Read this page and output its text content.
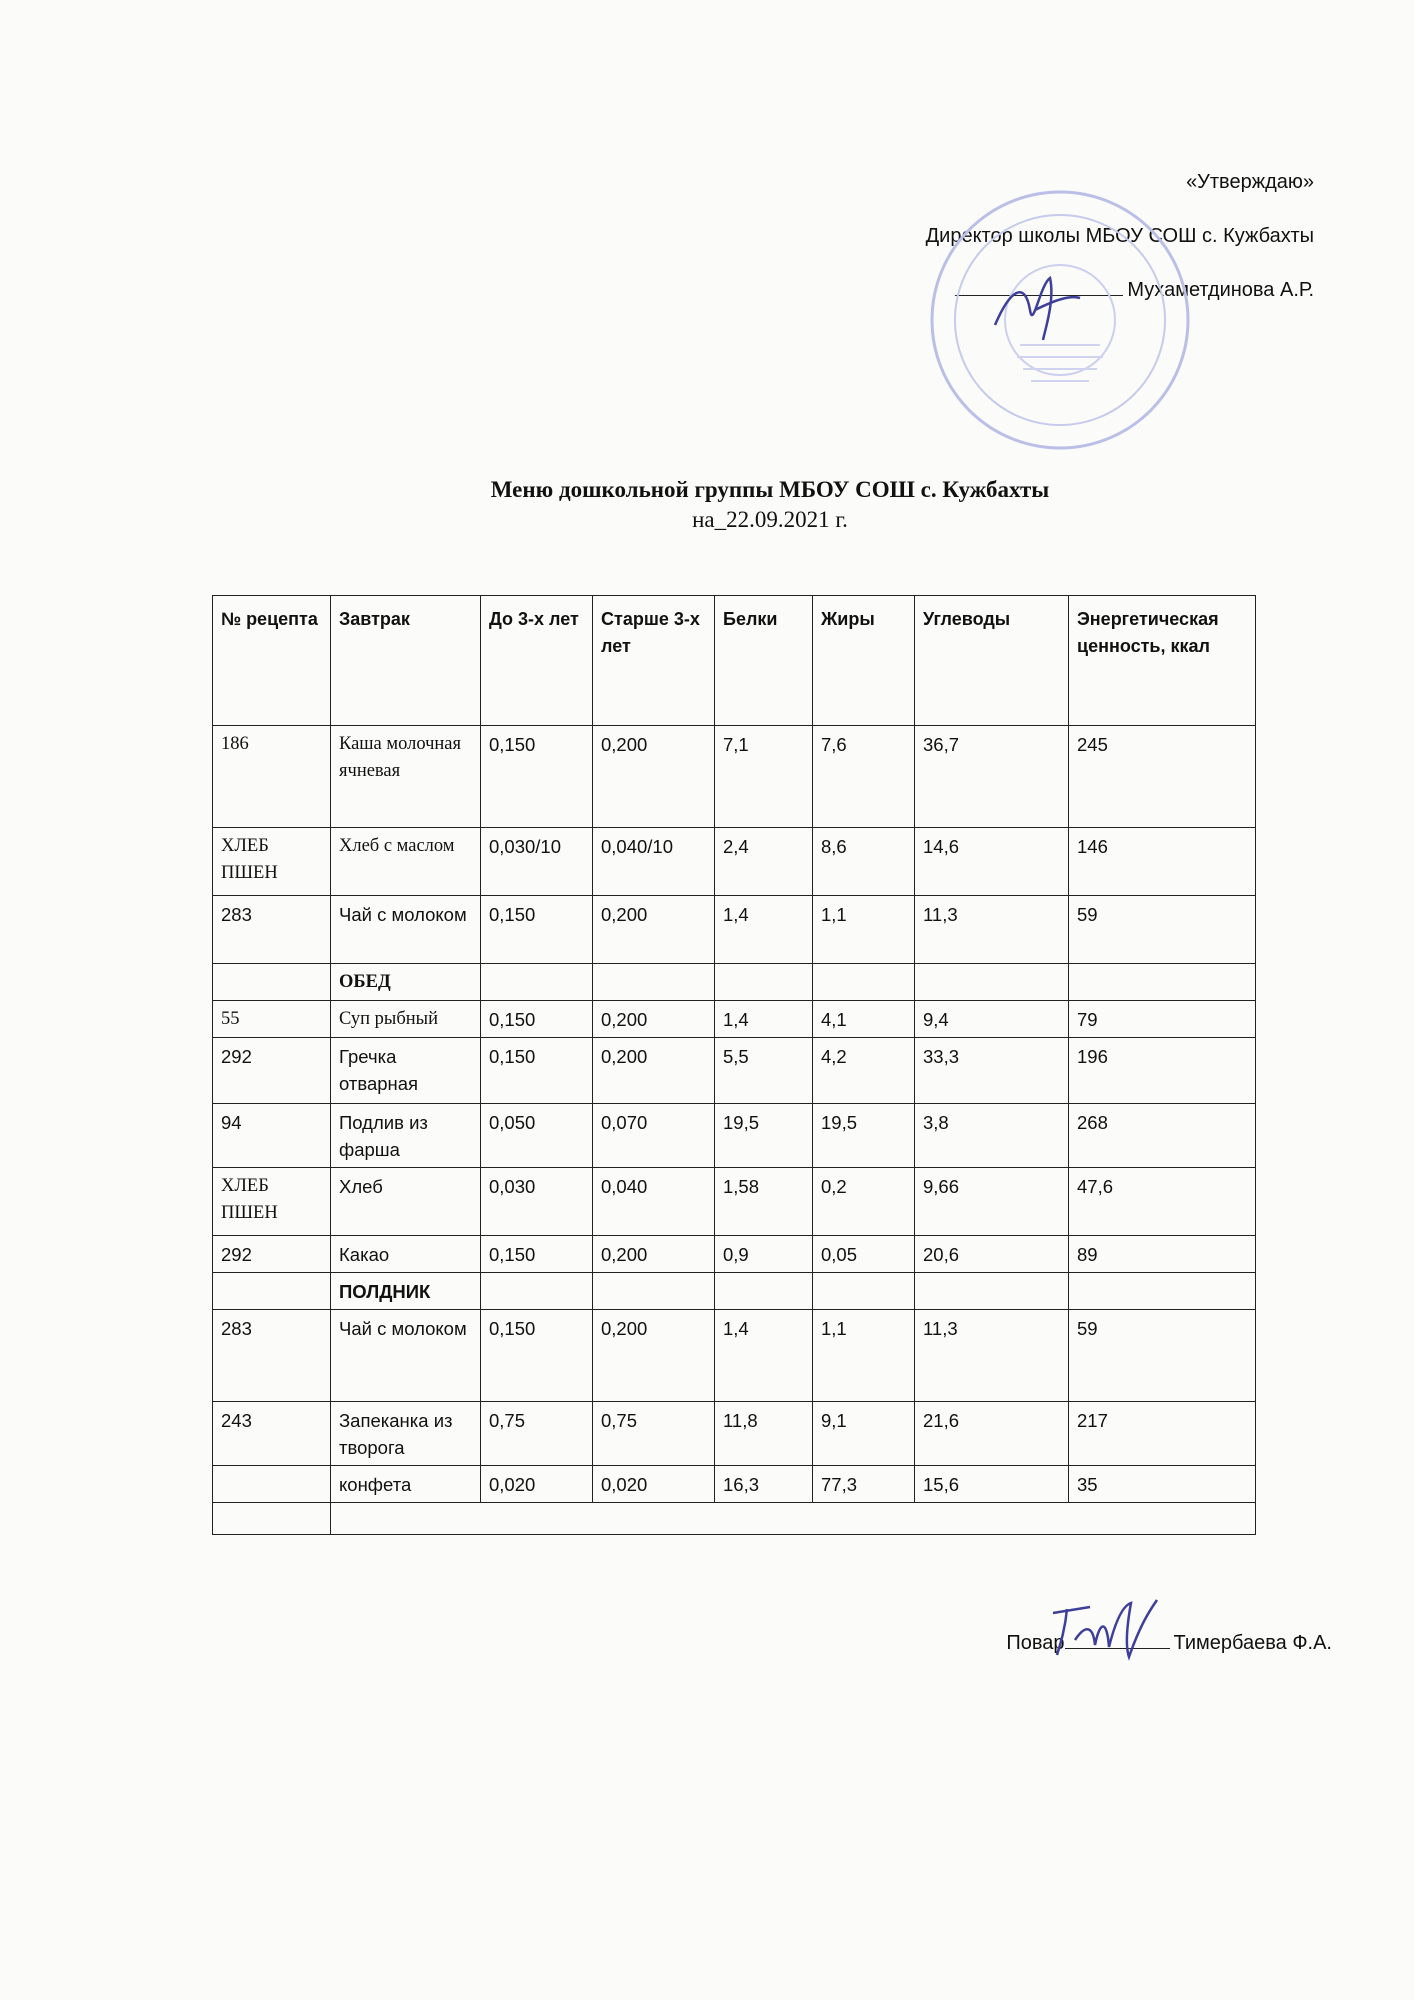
«Утверждаю»
Директор школы МБОУ СОШ с. Кужбахты
Мухаметдинова А.Р.
Меню дошкольной группы МБОУ СОШ с. Кужбахты
на_22.09.2021 г.
№ рецепта	Завтрак	До 3-х лет	Старше 3-х лет	Белки	Жиры	Углеводы	Энергетическая ценность, ккал
186	Каша молочная ячневая	0,150	0,200	7,1	7,6	36,7	245
ХЛЕБ ПШЕН	Хлеб с маслом	0,030/10	0,040/10	2,4	8,6	14,6	146
283	Чай с молоком	0,150	0,200	1,4	1,1	11,3	59
	ОБЕД						
55	Суп рыбный	0,150	0,200	1,4	4,1	9,4	79
292	Гречка отварная	0,150	0,200	5,5	4,2	33,3	196
94	Подлив из фарша	0,050	0,070	19,5	19,5	3,8	268
ХЛЕБ ПШЕН	Хлеб	0,030	0,040	1,58	0,2	9,66	47,6
292	Какао	0,150	0,200	0,9	0,05	20,6	89
	ПОЛДНИК						
283	Чай с молоком	0,150	0,200	1,4	1,1	11,3	59
243	Запеканка из творога	0,75	0,75	11,8	9,1	21,6	217
	конфета	0,020	0,020	16,3	77,3	15,6	35

Повар	Тимербаева Ф.А.
